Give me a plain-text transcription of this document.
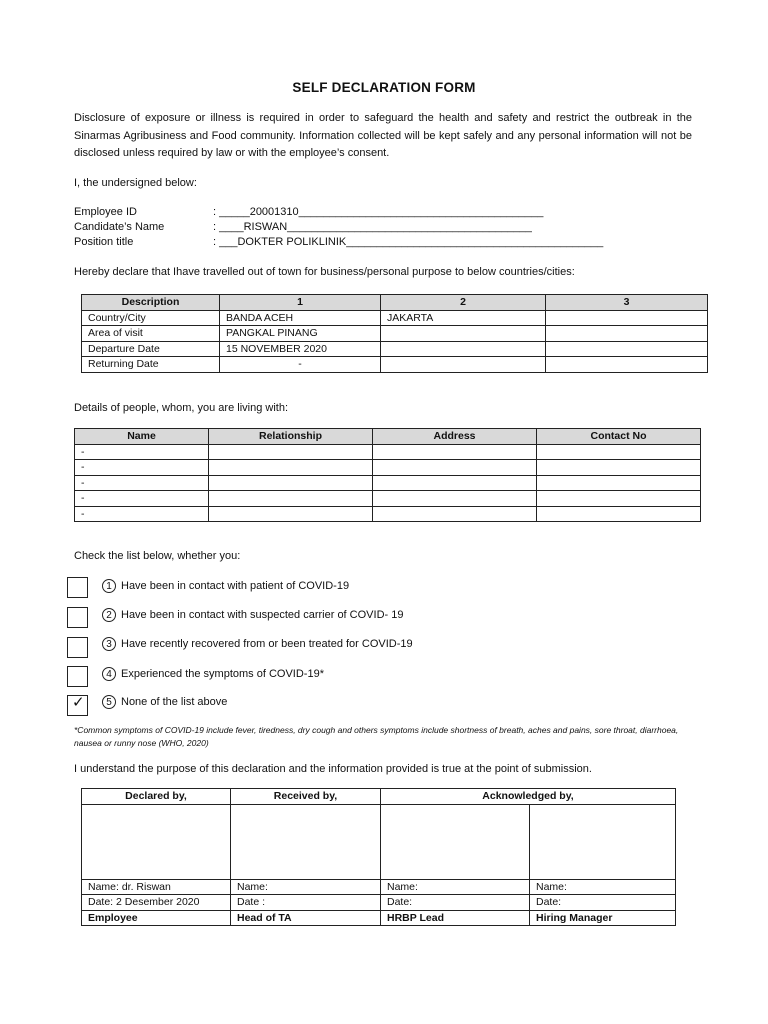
SELF DECLARATION FORM
Disclosure of exposure or illness is required in order to safeguard the health and safety and restrict the outbreak in the Sinarmas Agribusiness and Food community. Information collected will be kept safely and any personal information will not be disclosed unless required by law or with the employee’s consent.
I, the undersigned below:
Employee ID	: _____20001310________________________________________
Candidate’s Name	: ____RISWAN________________________________________
Position title	: ___DOKTER POLIKLINIK__________________________________________
Hereby declare that Ihave travelled out of town for business/personal purpose to below countries/cities:
Description	1	2	3
Country/City	BANDA ACEH	JAKARTA	
Area of visit	PANGKAL PINANG		
Departure Date	15 NOVEMBER 2020		
Returning Date	-		
Details of people, whom, you are living with:
Name	Relationship	Address	Contact No
-			
-			
-			
-			
-			
Check the list below, whether you:
1 Have been in contact with patient of COVID-19
2 Have been in contact with suspected carrier of COVID- 19
3 Have recently recovered from or been treated for COVID-19
4 Experienced the symptoms of COVID-19*
✓	5 None of the list above
*Common symptoms of COVID-19 include fever, tiredness, dry cough and others symptoms include shortness of breath, aches and pains, sore throat, diarrhoea, nausea or runny nose (WHO, 2020)
I understand the purpose of this declaration and the information provided is true at the point of submission.
Declared by,	Received by,	Acknowledged by,	

Name: dr. Riswan	Name:	Name:	Name:
Date: 2 Desember 2020	Date :	Date:	Date:
Employee	Head of TA	HRBP Lead	Hiring Manager
